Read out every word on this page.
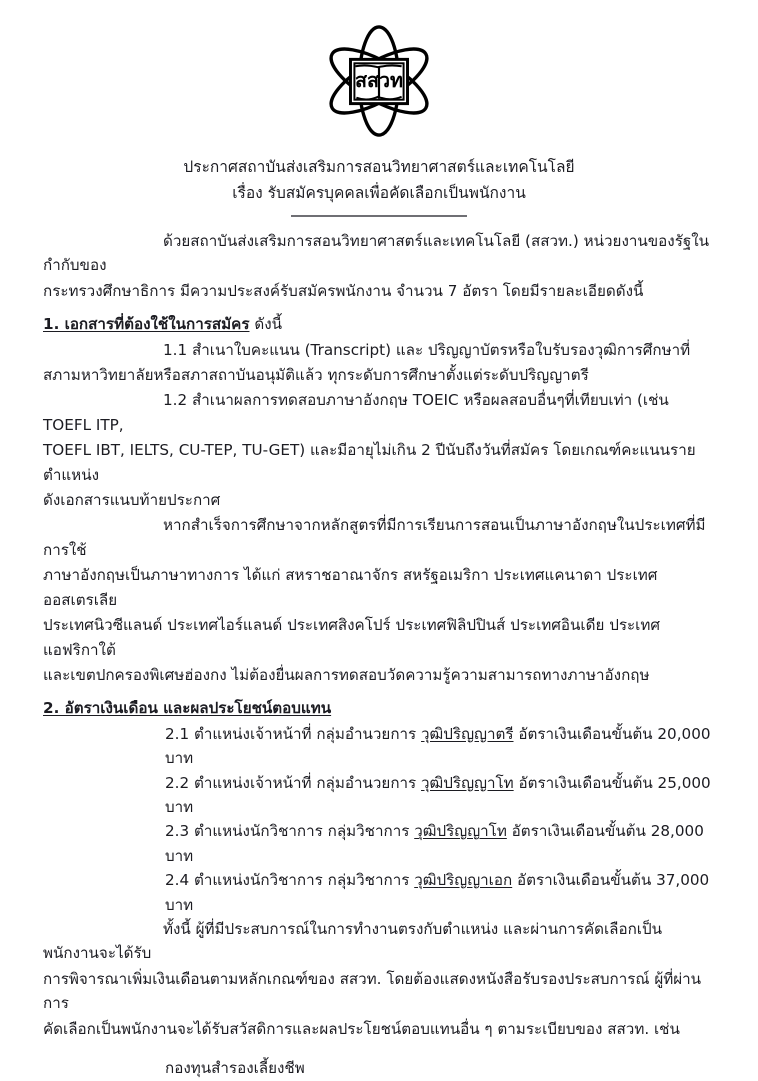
สสวท
ประกาศสถาบันส่งเสริมการสอนวิทยาศาสตร์และเทคโนโลยี
เรื่อง รับสมัครบุคคลเพื่อคัดเลือกเป็นพนักงาน

ด้วยสถาบันส่งเสริมการสอนวิทยาศาสตร์และเทคโนโลยี (สสวท.) หน่วยงานของรัฐในกำกับของ

กระทรวงศึกษาธิการ มีความประสงค์รับสมัครพนักงาน จำนวน 7 อัตรา โดยมีรายละเอียดดังนี้

1. เอกสารที่ต้องใช้ในการสมัคร ดังนี้

1.1 สำเนาใบคะแนน (Transcript) และ ปริญญาบัตรหรือใบรับรองวุฒิการศึกษาที่

สภามหาวิทยาลัยหรือสภาสถาบันอนุมัติแล้ว ทุกระดับการศึกษาตั้งแต่ระดับปริญญาตรี

1.2 สำเนาผลการทดสอบภาษาอังกฤษ TOEIC หรือผลสอบอื่นๆที่เทียบเท่า (เช่น TOEFL ITP,

TOEFL IBT, IELTS, CU-TEP, TU-GET) และมีอายุไม่เกิน 2 ปีนับถึงวันที่สมัคร โดยเกณฑ์คะแนนรายตำแหน่ง

ดังเอกสารแนบท้ายประกาศ

หากสำเร็จการศึกษาจากหลักสูตรที่มีการเรียนการสอนเป็นภาษาอังกฤษในประเทศที่มีการใช้

ภาษาอังกฤษเป็นภาษาทางการ ได้แก่ สหราชอาณาจักร สหรัฐอเมริกา ประเทศแคนาดา ประเทศออสเตรเลีย

ประเทศนิวซีแลนด์ ประเทศไอร์แลนด์ ประเทศสิงคโปร์ ประเทศฟิลิปปินส์ ประเทศอินเดีย ประเทศแอฟริกาใต้

และเขตปกครองพิเศษฮ่องกง ไม่ต้องยื่นผลการทดสอบวัดความรู้ความสามารถทางภาษาอังกฤษ

2. อัตราเงินเดือน และผลประโยชน์ตอบแทน

2.1 ตำแหน่งเจ้าหน้าที่ กลุ่มอำนวยการ วุฒิปริญญาตรี อัตราเงินเดือนขั้นต้น 20,000 บาท

2.2 ตำแหน่งเจ้าหน้าที่ กลุ่มอำนวยการ วุฒิปริญญาโท อัตราเงินเดือนขั้นต้น 25,000 บาท

2.3 ตำแหน่งนักวิชาการ กลุ่มวิชาการ วุฒิปริญญาโท อัตราเงินเดือนขั้นต้น 28,000 บาท

2.4 ตำแหน่งนักวิชาการ กลุ่มวิชาการ วุฒิปริญญาเอก อัตราเงินเดือนขั้นต้น 37,000 บาท

ทั้งนี้ ผู้ที่มีประสบการณ์ในการทำงานตรงกับตำแหน่ง และผ่านการคัดเลือกเป็นพนักงานจะได้รับ

การพิจารณาเพิ่มเงินเดือนตามหลักเกณฑ์ของ สสวท. โดยต้องแสดงหนังสือรับรองประสบการณ์ ผู้ที่ผ่านการ

คัดเลือกเป็นพนักงานจะได้รับสวัสดิการและผลประโยชน์ตอบแทนอื่น ๆ ตามระเบียบของ สสวท. เช่น

กองทุนสำรองเลี้ยงชีพ
